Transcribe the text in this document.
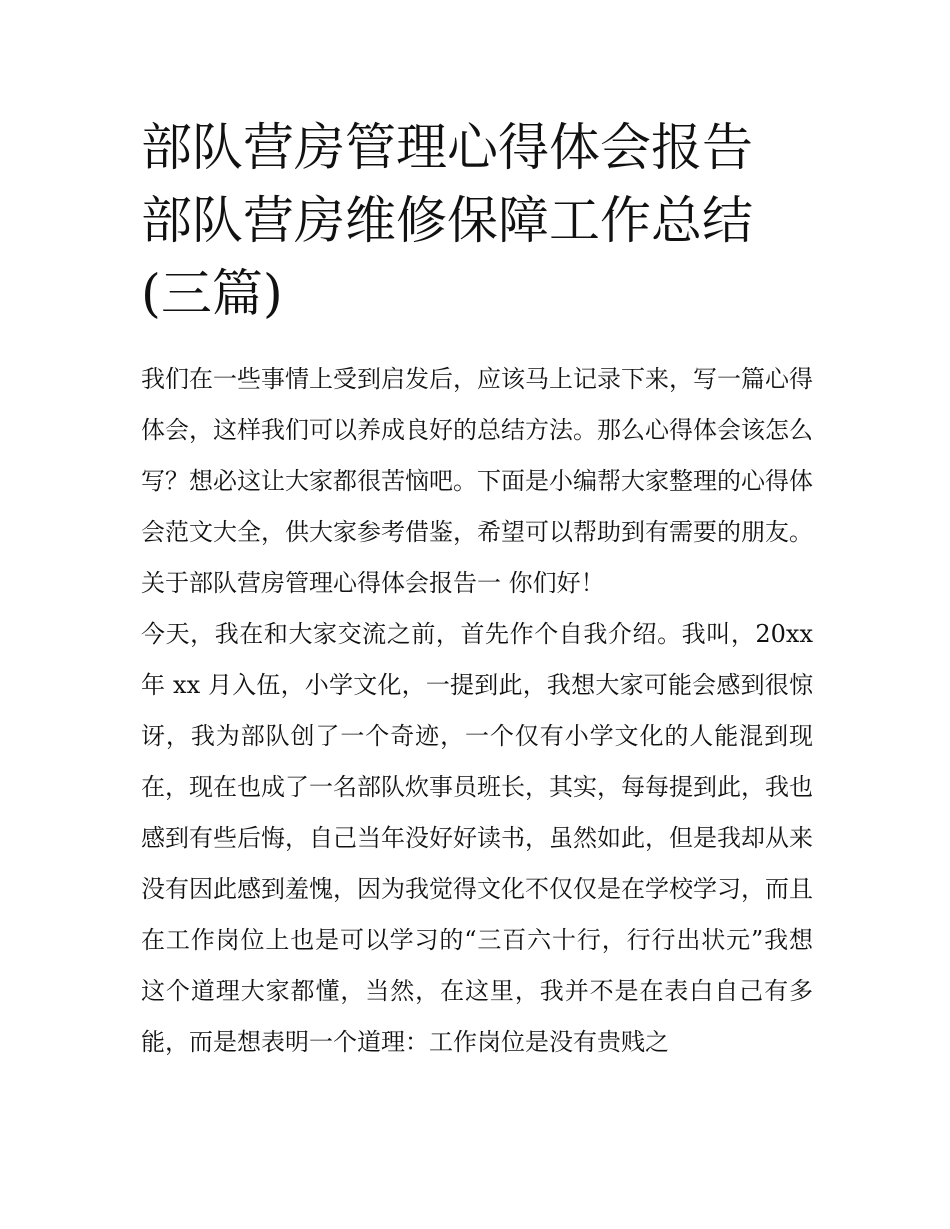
部队营房管理心得体会报告 部队营房维修保障工作总结(三篇)

我们在一些事情上受到启发后，应该马上记录下来，写一篇心得体会，这样我们可以养成良好的总结方法。那么心得体会该怎么写？想必这让大家都很苦恼吧。下面是小编帮大家整理的心得体会范文大全，供大家参考借鉴，希望可以帮助到有需要的朋友。

关于部队营房管理心得体会报告一 你们好！

今天，我在和大家交流之前，首先作个自我介绍。我叫，20xx年 xx 月入伍，小学文化，一提到此，我想大家可能会感到很惊讶，我为部队创了一个奇迹，一个仅有小学文化的人能混到现在，现在也成了一名部队炊事员班长，其实，每每提到此，我也感到有些后悔，自己当年没好好读书，虽然如此，但是我却从来没有因此感到羞愧，因为我觉得文化不仅仅是在学校学习，而且在工作岗位上也是可以学习的“三百六十行，行行出状元”我想这个道理大家都懂，当然，在这里，我并不是在表白自己有多能，而是想表明一个道理：工作岗位是没有贵贱之
